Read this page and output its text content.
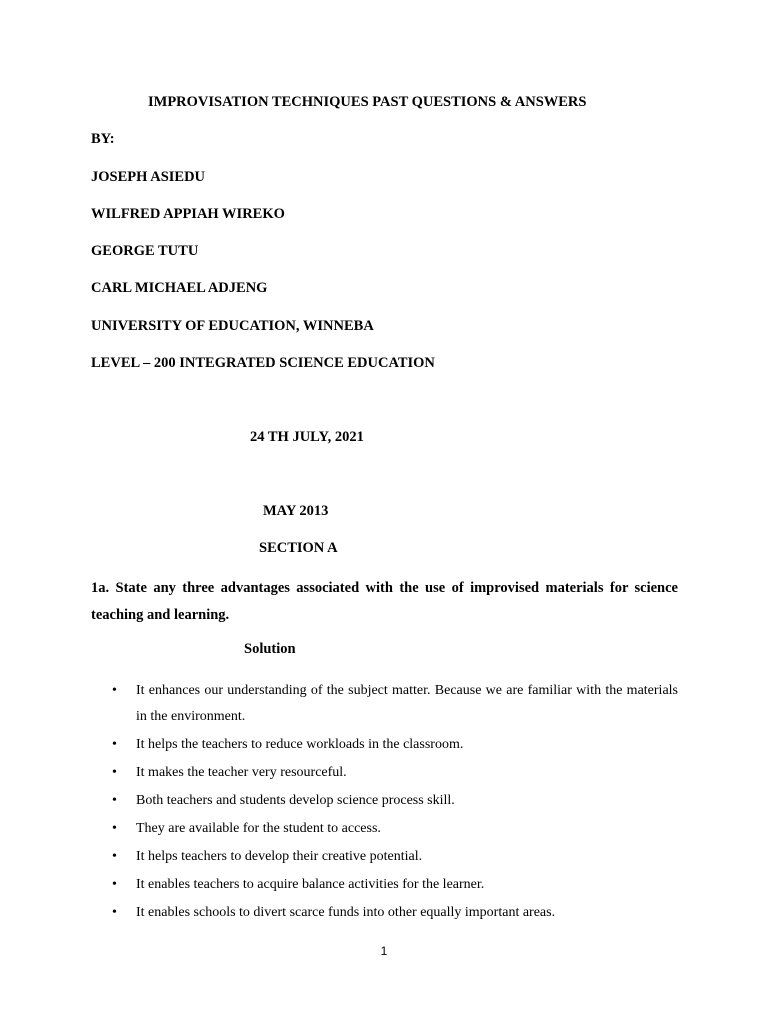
IMPROVISATION TECHNIQUES PAST QUESTIONS & ANSWERS
BY:
JOSEPH ASIEDU
WILFRED APPIAH WIREKO
GEORGE TUTU
CARL MICHAEL ADJENG
UNIVERSITY OF EDUCATION, WINNEBA
LEVEL – 200 INTEGRATED SCIENCE EDUCATION
24 TH JULY, 2021
MAY 2013
SECTION A
1a. State any three advantages associated with the use of improvised materials for science teaching and learning.
Solution
• It enhances our understanding of the subject matter. Because we are familiar with the materials in the environment.
• It helps the teachers to reduce workloads in the classroom.
• It makes the teacher very resourceful.
• Both teachers and students develop science process skill.
• They are available for the student to access.
• It helps teachers to develop their creative potential.
• It enables teachers to acquire balance activities for the learner.
• It enables schools to divert scarce funds into other equally important areas.
1
